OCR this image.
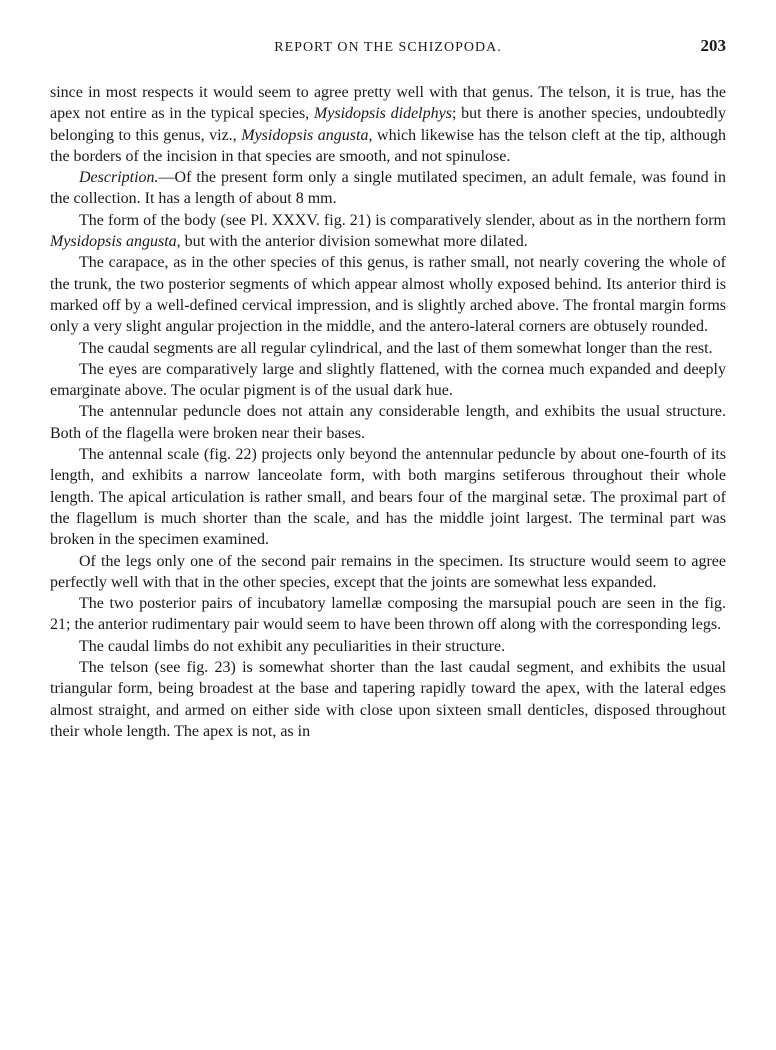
REPORT ON THE SCHIZOPODA.	203

since in most respects it would seem to agree pretty well with that genus. The telson, it is true, has the apex not entire as in the typical species, Mysidopsis didelphys; but there is another species, undoubtedly belonging to this genus, viz., Mysidopsis angusta, which likewise has the telson cleft at the tip, although the borders of the incision in that species are smooth, and not spinulose.

Description.—Of the present form only a single mutilated specimen, an adult female, was found in the collection. It has a length of about 8 mm.

The form of the body (see Pl. XXXV. fig. 21) is comparatively slender, about as in the northern form Mysidopsis angusta, but with the anterior division somewhat more dilated.

The carapace, as in the other species of this genus, is rather small, not nearly covering the whole of the trunk, the two posterior segments of which appear almost wholly exposed behind. Its anterior third is marked off by a well-defined cervical impression, and is slightly arched above. The frontal margin forms only a very slight angular projection in the middle, and the antero-lateral corners are obtusely rounded.

The caudal segments are all regular cylindrical, and the last of them somewhat longer than the rest.

The eyes are comparatively large and slightly flattened, with the cornea much expanded and deeply emarginate above. The ocular pigment is of the usual dark hue.

The antennular peduncle does not attain any considerable length, and exhibits the usual structure. Both of the flagella were broken near their bases.

The antennal scale (fig. 22) projects only beyond the antennular peduncle by about one-fourth of its length, and exhibits a narrow lanceolate form, with both margins setiferous throughout their whole length. The apical articulation is rather small, and bears four of the marginal setæ. The proximal part of the flagellum is much shorter than the scale, and has the middle joint largest. The terminal part was broken in the specimen examined.

Of the legs only one of the second pair remains in the specimen. Its structure would seem to agree perfectly well with that in the other species, except that the joints are somewhat less expanded.

The two posterior pairs of incubatory lamellæ composing the marsupial pouch are seen in the fig. 21; the anterior rudimentary pair would seem to have been thrown off along with the corresponding legs.

The caudal limbs do not exhibit any peculiarities in their structure.

The telson (see fig. 23) is somewhat shorter than the last caudal segment, and exhibits the usual triangular form, being broadest at the base and tapering rapidly toward the apex, with the lateral edges almost straight, and armed on either side with close upon sixteen small denticles, disposed throughout their whole length. The apex is not, as in
